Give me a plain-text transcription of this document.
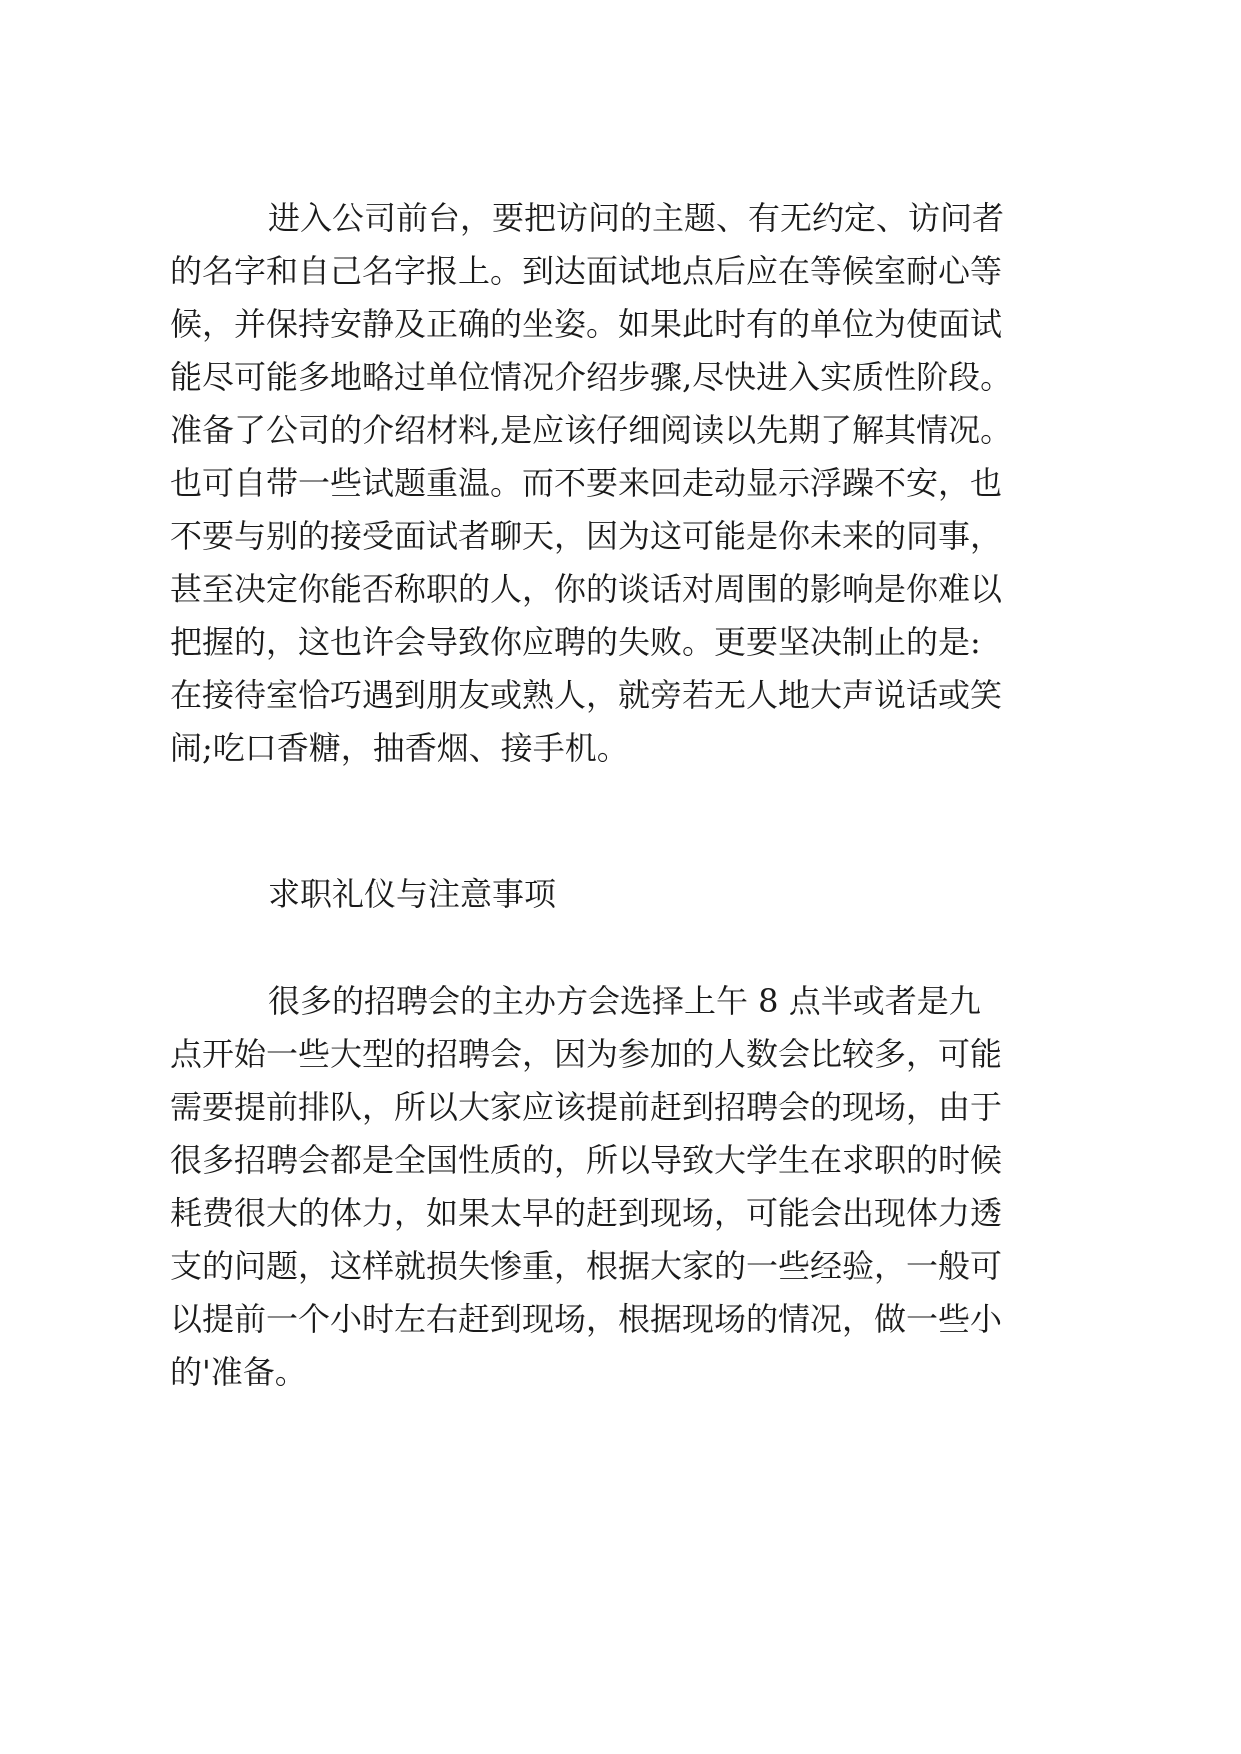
进入公司前台，要把访问的主题、有无约定、访问者
的名字和自己名字报上。到达面试地点后应在等候室耐心等
候，并保持安静及正确的坐姿。如果此时有的单位为使面试
能尽可能多地略过单位情况介绍步骤,尽快进入实质性阶段。
准备了公司的介绍材料,是应该仔细阅读以先期了解其情况。
也可自带一些试题重温。而不要来回走动显示浮躁不安，也
不要与别的接受面试者聊天，因为这可能是你未来的同事，
甚至决定你能否称职的人，你的谈话对周围的影响是你难以
把握的，这也许会导致你应聘的失败。更要坚决制止的是:
在接待室恰巧遇到朋友或熟人，就旁若无人地大声说话或笑
闹;吃口香糖，抽香烟、接手机。
求职礼仪与注意事项
很多的招聘会的主办方会选择上午 8 点半或者是九
点开始一些大型的招聘会，因为参加的人数会比较多，可能
需要提前排队，所以大家应该提前赶到招聘会的现场，由于
很多招聘会都是全国性质的，所以导致大学生在求职的时候
耗费很大的体力，如果太早的赶到现场，可能会出现体力透
支的问题，这样就损失惨重，根据大家的一些经验，一般可
以提前一个小时左右赶到现场，根据现场的情况，做一些小
的'准备。
